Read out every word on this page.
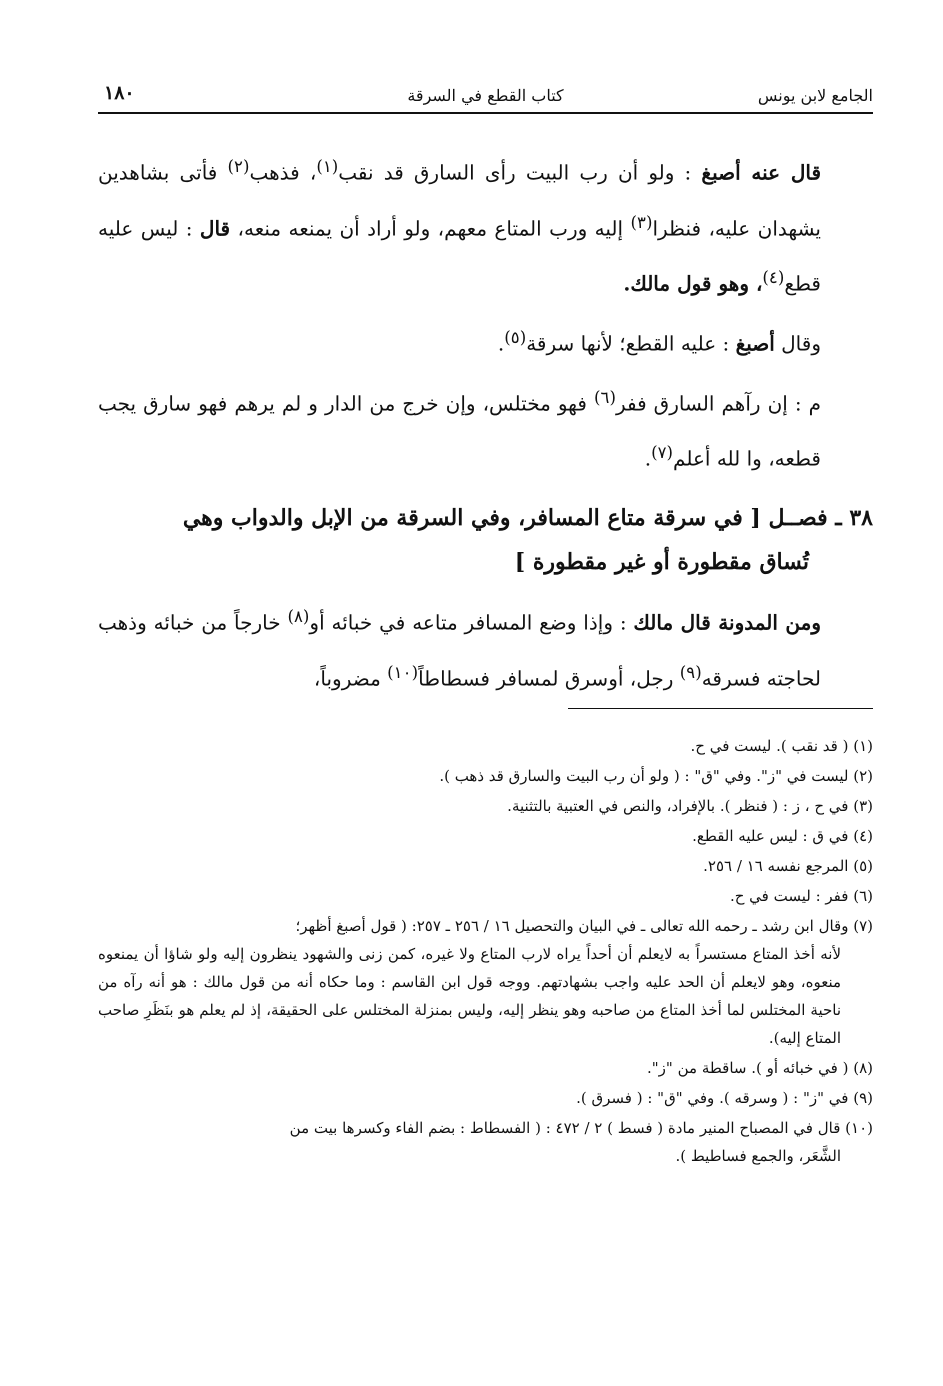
١٨٠	كتاب القطع في السرقة	الجامع لابن يونس

قال عنه أصبغ : ولو أن رب البيت رأى السارق قد نقب$^{(١)}$، فذهب$^{(٢)}$ فأتى بشاهدين يشهدان عليه، فنظرا$^{(٣)}$ إليه ورب المتاع معهم، ولو أراد أن يمنعه منعه، قال : ليس عليه قطع$^{(٤)}$، وهو قول مالك.

وقال أصبغ : عليه القطع؛ لأنها سرقة$^{(٥)}$.

م : إن رآهم السارق ففر$^{(٦)}$ فهو مختلس، وإن خرج من الدار و لم يرهم فهو سارق يجب قطعه، وا لله أعلم$^{(٧)}$.

٣٨ ـ فصــل [ في سرقة متاع المسافر، وفي السرقة من الإبل والدواب وهي
تُساق مقطورة أو غير مقطورة ]

ومن المدونة قال مالك : وإذا وضع المسافر متاعه في خبائه أو$^{(٨)}$ خارجاً من خبائه وذهب لحاجته فسرقه$^{(٩)}$ رجل، أوسرق لمسافر فسطاطاً$^{(١٠)}$ مضروباً،

(١) ( قد نقب ). ليست في ح.

(٢) ليست في "ز". وفي "ق" : ( ولو أن رب البيت والسارق قد ذهب ).

(٣) في ح ، ز : ( فنظر ). بالإفراد، والنص في العتبية بالتثنية.

(٤) في ق : ليس عليه القطع.

(٥) المرجع نفسه ١٦ / ٢٥٦.

(٦) ففر : ليست في ح.

(٧) وقال ابن رشد ـ رحمه الله تعالى ـ في البيان والتحصيل ١٦ / ٢٥٦ ـ ٢٥٧: ( قول أصبغ أظهر؛
لأنه أخذ المتاع مستسراً به لايعلم أن أحداً يراه لارب المتاع ولا غيره، كمن زنى والشهود ينظرون إليه ولو شاؤا أن يمنعوه منعوه، وهو لايعلم أن الحد عليه واجب بشهادتهم. ووجه قول ابن القاسم : وما حكاه أنه من قول مالك : هو أنه رآه من ناحية المختلس لما أخذ المتاع من صاحبه وهو ينظر إليه، وليس بمنزلة المختلس على الحقيقة، إذ لم يعلم هو بنَظَرِ صاحب المتاع إليه).

(٨) ( في خبائه أو ). ساقطة من "ز".

(٩) في "ز" : ( وسرقه ). وفي "ق" : ( فسرق ).

(١٠) قال في المصباح المنير مادة ( فسط ) ٢ / ٤٧٢ : ( الفسطاط : بضم الفاء وكسرها بيت من
الشَّعَر، والجمع فساطيط ).
